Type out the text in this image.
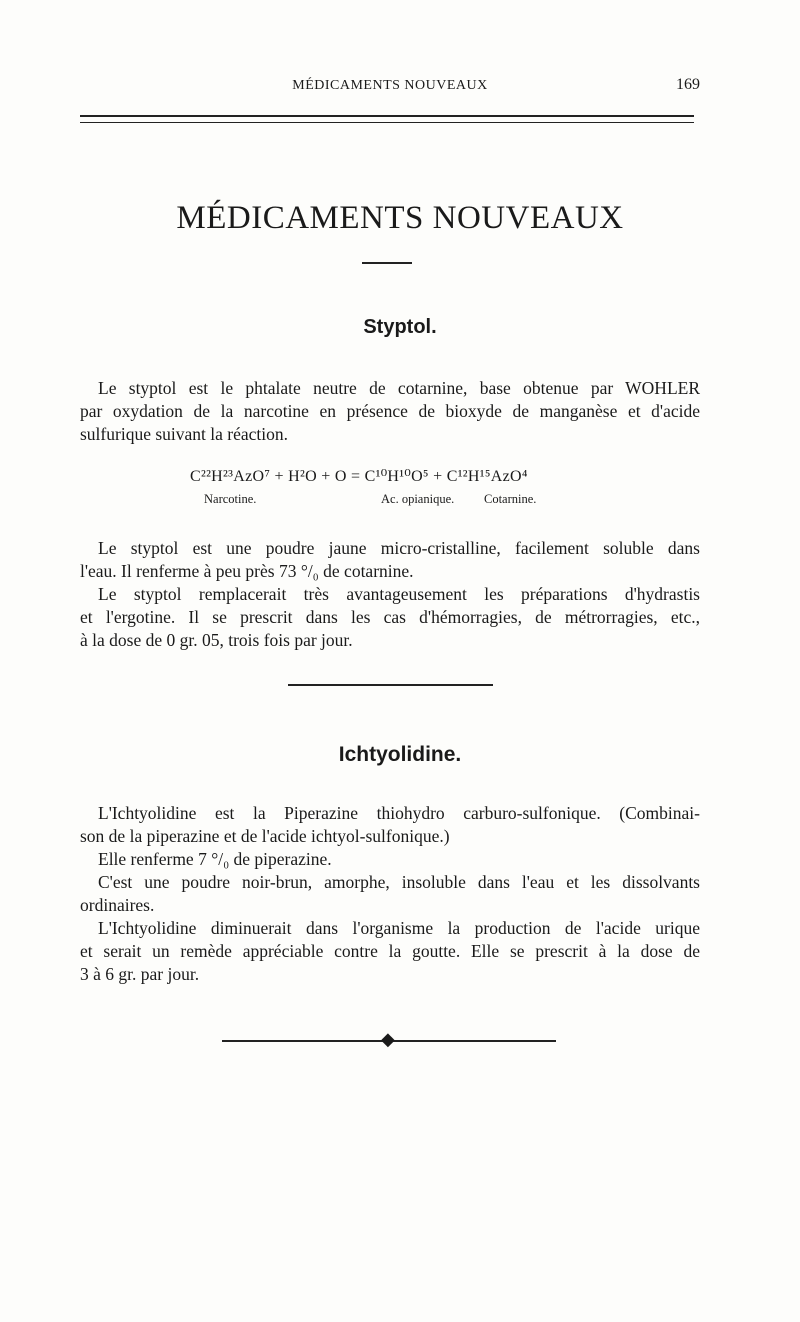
MÉDICAMENTS NOUVEAUX	169
MÉDICAMENTS NOUVEAUX
Styptol.
Le styptol est le phtalate neutre de cotarnine, base obtenue par WOHLER
par oxydation de la narcotine en présence de bioxyde de manganèse et d'acide
sulfurique suivant la réaction.
C²²H²³AzO⁷ + H²O + O = C¹⁰H¹⁰O⁵ + C¹²H¹⁵AzO⁴
Narcotine.	Ac. opianique. Cotarnine.
Le styptol est une poudre jaune micro-cristalline, facilement soluble dans
l'eau. Il renferme à peu près 73 °/₀ de cotarnine.
Le styptol remplacerait très avantageusement les préparations d'hydrastis
et l'ergotine. Il se prescrit dans les cas d'hémorragies, de métrorragies, etc.,
à la dose de 0 gr. 05, trois fois par jour.
Ichtyolidine.
L'Ichtyolidine est la Piperazine thiohydro carburo-sulfonique. (Combinai-
son de la piperazine et de l'acide ichtyol-sulfonique.)
Elle renferme 7 °/₀ de piperazine.
C'est une poudre noir-brun, amorphe, insoluble dans l'eau et les dissolvants
ordinaires.
L'Ichtyolidine diminuerait dans l'organisme la production de l'acide urique
et serait un remède appréciable contre la goutte. Elle se prescrit à la dose de
3 à 6 gr. par jour.
◆
